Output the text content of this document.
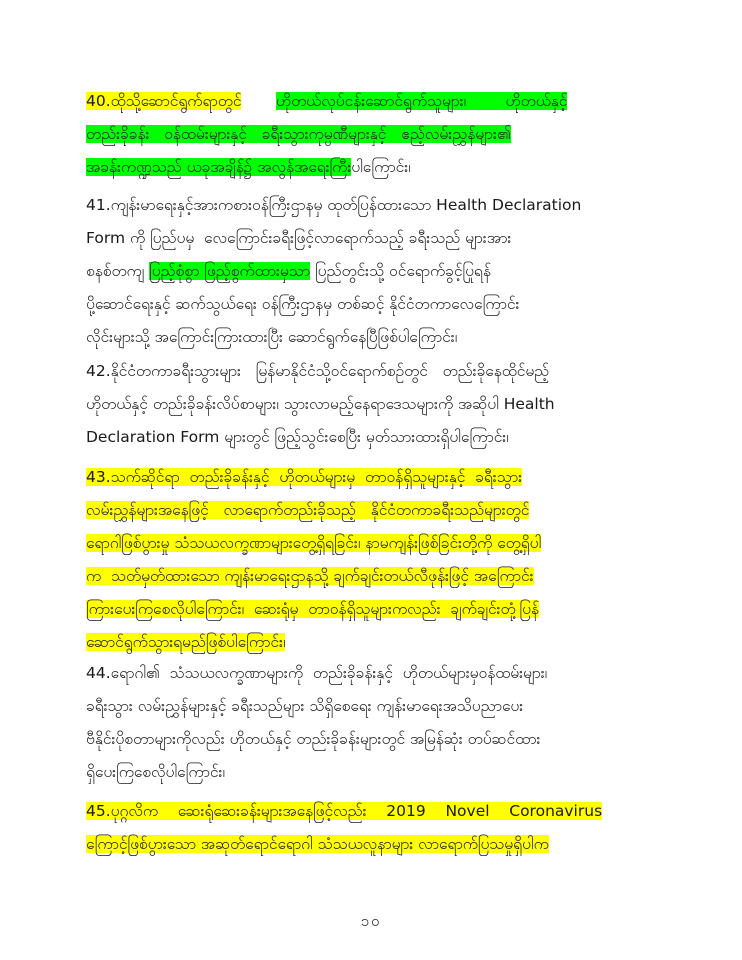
40.ထိုသို့ဆောင်ရွက်ရာတွင် ဟိုတယ်လုပ်ငန်းဆောင်ရွက်သူများ၊        ဟိုတယ်နှင့်
တည်းခိုခန်း   ဝန်ထမ်းများနှင့်   ခရီးသွားကုမ္ပဏီများနှင့်   ဧည့်လမ်းညွှန်များ၏
အခန်းကဏ္ဍသည် ယခုအချိန်၌ အလွန်အရေးကြီးပါကြောင်း၊
41.ကျန်းမာရေးနှင့်အားကစားဝန်ကြီးဌာနမှ ထုတ်ပြန်ထားသော Health Declaration
Form ကို ပြည်ပမှ  လေကြောင်းခရီးဖြင့်လာရောက်သည့် ခရီးသည် များအား
စနစ်တကျ ပြည့်စုံစွာ ဖြည့်စွက်ထားမှသာ ပြည်တွင်းသို့ ဝင်ရောက်ခွင့်ပြုရန်
ပို့ဆောင်ရေးနှင့် ဆက်သွယ်ရေး ဝန်ကြီးဌာနမှ တစ်ဆင့် နိုင်ငံတကာလေကြောင်း
လိုင်းများသို့ အကြောင်းကြားထားပြီး ဆောင်ရွက်နေပြီဖြစ်ပါကြောင်း၊
42.နိုင်ငံတကာခရီးသွားများ   မြန်မာနိုင်ငံသို့ဝင်ရောက်စဉ်တွင်   တည်းခိုနေထိုင်မည့်
ဟိုတယ်နှင့် တည်းခိုခန်းလိပ်စာများ၊ သွားလာမည့်နေရာဒေသများကို အဆိုပါ Health
Declaration Form များတွင် ဖြည့်သွင်းစေပြီး မှတ်သားထားရှိပါကြောင်း၊
43.သက်ဆိုင်ရာ  တည်းခိုခန်းနှင့်  ဟိုတယ်များမှ  တာဝန်ရှိသူများနှင့်  ခရီးသွား
လမ်းညွှန်များအနေဖြင့်   လာရောက်တည်းခိုသည့်   နိုင်ငံတကာခရီးသည်များတွင်
ရောဂါဖြစ်ပွားမှု သံသယလက္ခဏာများတွေ့ရှိရခြင်း၊ နာမကျန်းဖြစ်ခြင်းတို့ကို တွေ့ရှိပါ
က  သတ်မှတ်ထားသော ကျန်းမာရေးဌာနသို့ ချက်ချင်းတယ်လီဖုန်းဖြင့် အကြောင်း
ကြားပေးကြစေလိုပါကြောင်း၊  ဆေးရုံမှ  တာဝန်ရှိသူများကလည်း  ချက်ချင်းတုံ့ပြန်
ဆောင်ရွက်သွားရမည်ဖြစ်ပါကြောင်း၊
44.ရောဂါ၏  သံသယလက္ခဏာများကို  တည်းခိုခန်းနှင့်  ဟိုတယ်များမှဝန်ထမ်းများ၊
ခရီးသွား လမ်းညွှန်များနှင့် ခရီးသည်များ သိရှိစေရေး ကျန်းမာရေးအသိပညာပေး
ဗီနိုင်းပိုစတာများကိုလည်း ဟိုတယ်နှင့် တည်းခိုခန်းများတွင် အမြန်ဆုံး တပ်ဆင်ထား
ရှိပေးကြစေလိုပါကြောင်း၊
45.ပုဂ္ဂလိက    ဆေးရုံဆေးခန်းများအနေဖြင့်လည်း    2019    Novel    Coronavirus
ကြောင့်ဖြစ်ပွားသော အဆုတ်ရောင်ရောဂါ သံသယလူနာများ လာရောက်ပြသမှုရှိပါက
၁၀
